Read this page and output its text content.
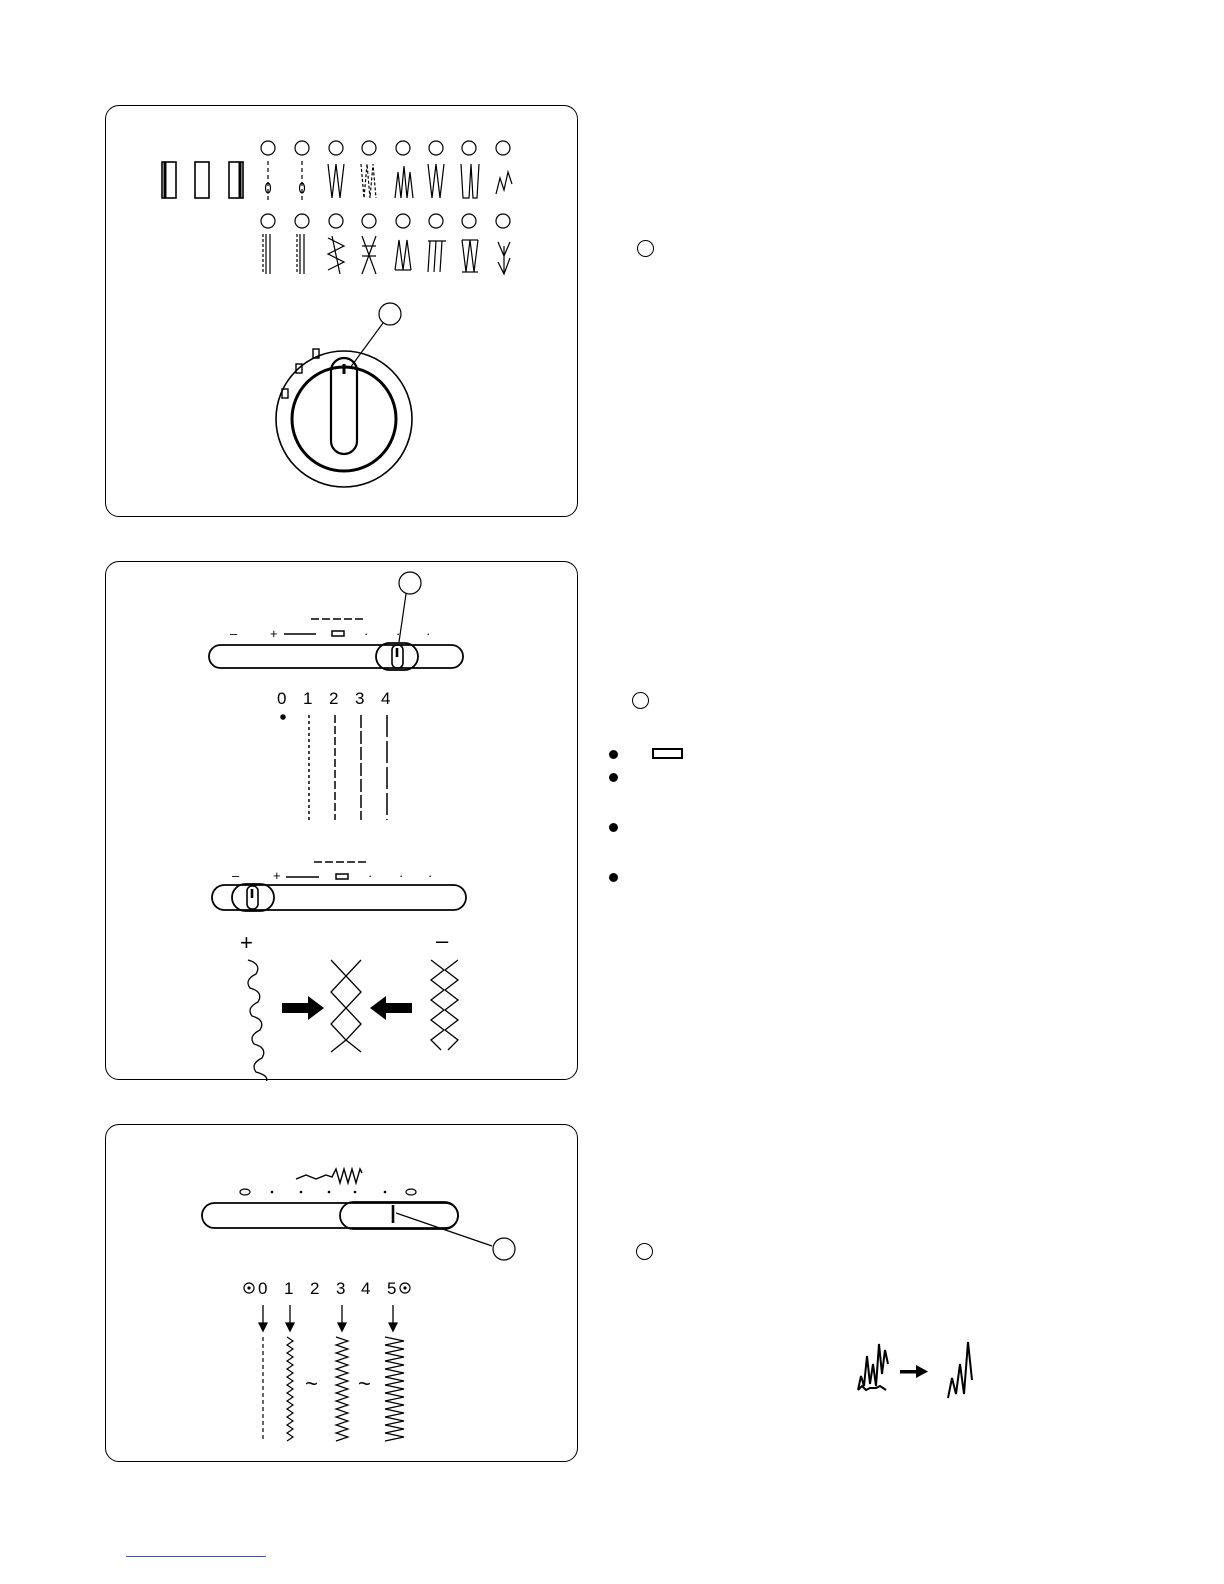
–	+	· · ·
0 1 2 3 4
–	+	· · ·
+	–
0 1 2 3 4 5
~ ~
